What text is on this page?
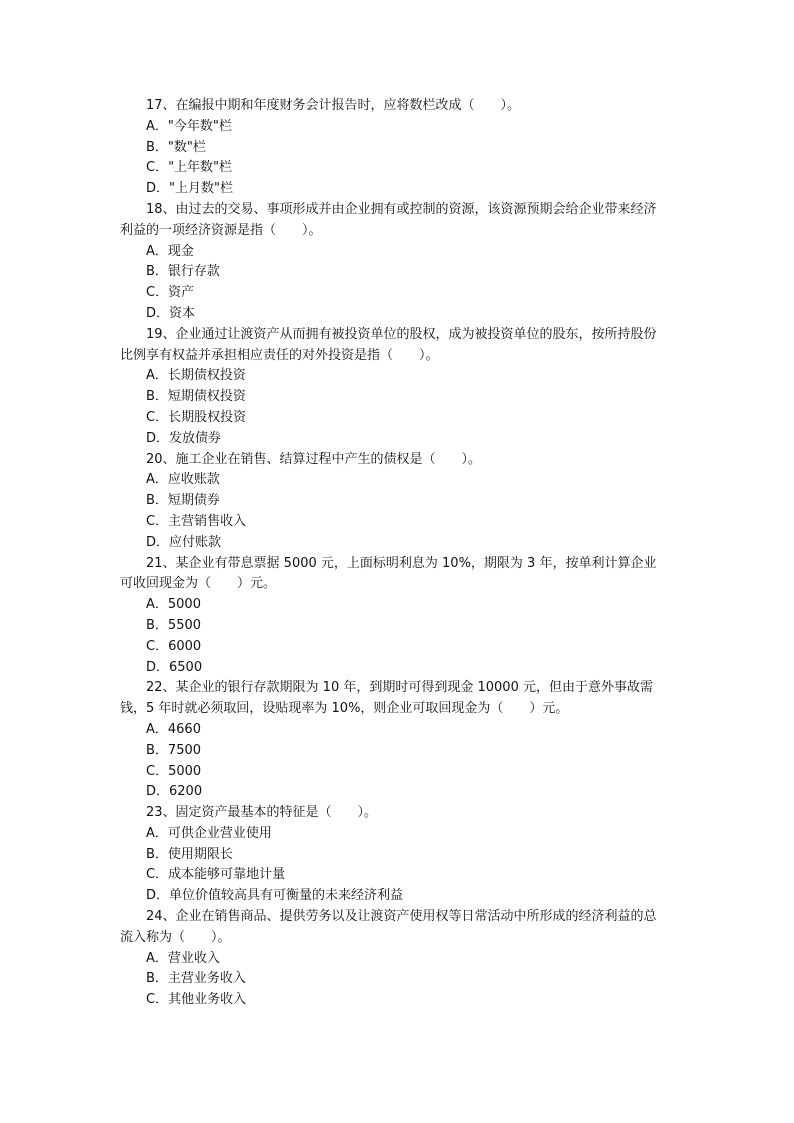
17、在编报中期和年度财务会计报告时，应将数栏改成（　　）。

A．"今年数"栏
B．"数"栏
C．"上年数"栏
D．"上月数"栏

18、由过去的交易、事项形成并由企业拥有或控制的资源，该资源预期会给企业带来经济利益的一项经济资源是指（　　）。

A．现金
B．银行存款
C．资产
D．资本

19、企业通过让渡资产从而拥有被投资单位的股权，成为被投资单位的股东，按所持股份比例享有权益并承担相应责任的对外投资是指（　　）。

A．长期债权投资
B．短期债权投资
C．长期股权投资
D．发放债券

20、施工企业在销售、结算过程中产生的债权是（　　）。

A．应收账款
B．短期债券
C．主营销售收入
D．应付账款

21、某企业有带息票据 5000 元，上面标明利息为 10%，期限为 3 年，按单利计算企业可收回现金为（　　）元。

A．5000
B．5500
C．6000
D．6500

22、某企业的银行存款期限为 10 年，到期时可得到现金 10000 元，但由于意外事故需钱，5 年时就必须取回，设贴现率为 10%，则企业可取回现金为（　　）元。

A．4660
B．7500
C．5000
D．6200

23、固定资产最基本的特征是（　　）。

A．可供企业营业使用
B．使用期限长
C．成本能够可靠地计量
D．单位价值较高具有可衡量的未来经济利益

24、企业在销售商品、提供劳务以及让渡资产使用权等日常活动中所形成的经济利益的总流入称为（　　）。

A．营业收入
B．主营业务收入
C．其他业务收入
